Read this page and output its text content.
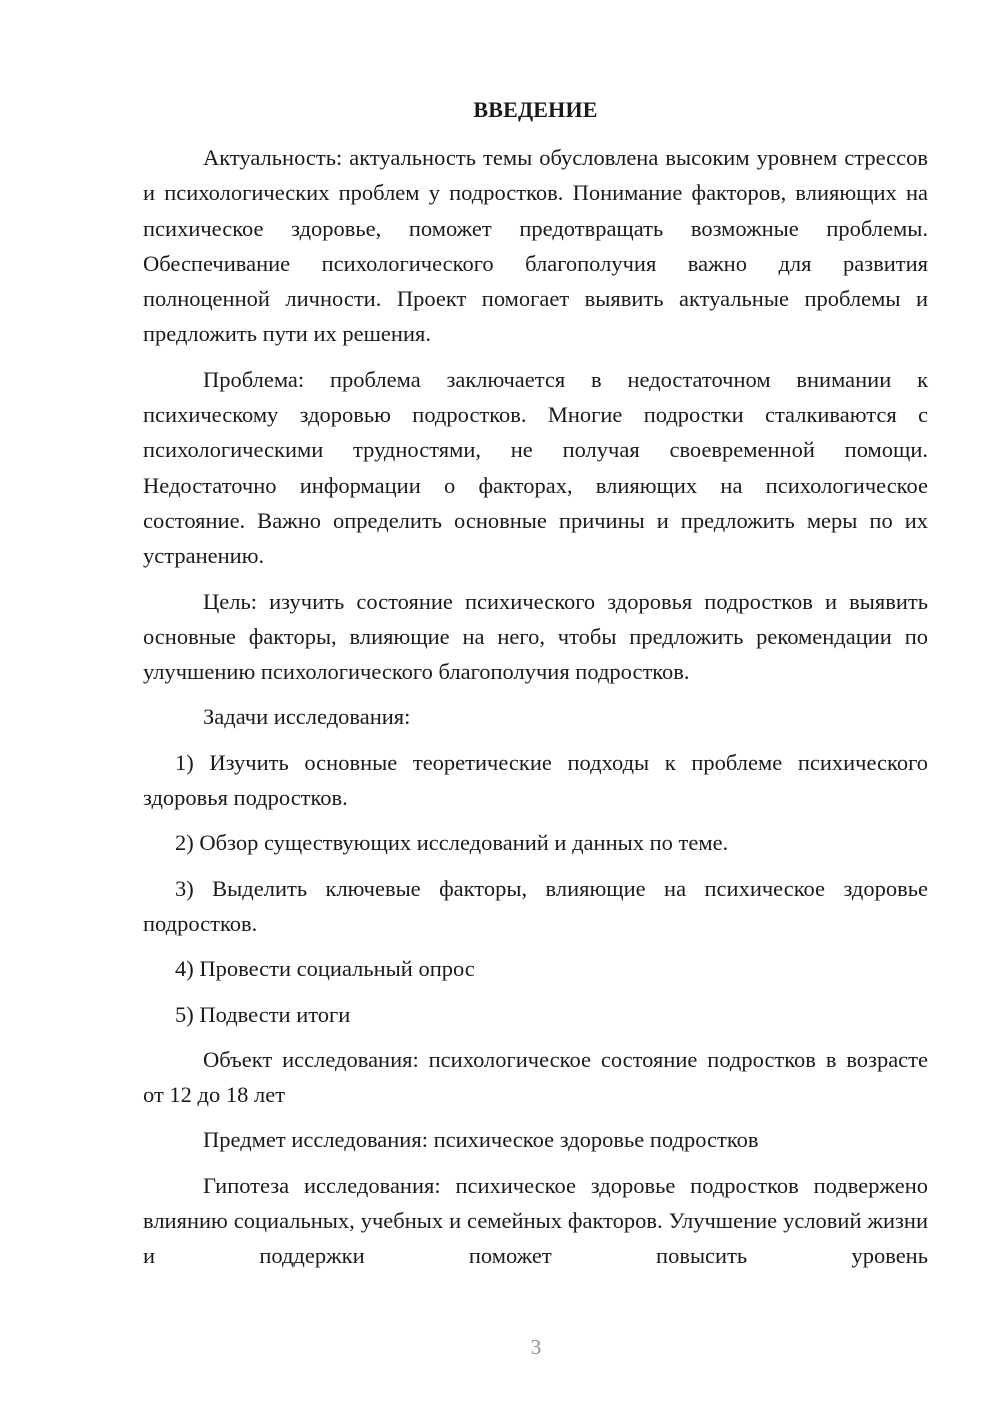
ВВЕДЕНИЕ

Актуальность: актуальность темы обусловлена высоким уровнем стрессов и психологических проблем у подростков. Понимание факторов, влияющих на психическое здоровье, поможет предотвращать возможные проблемы. Обеспечивание психологического благополучия важно для развития полноценной личности. Проект помогает выявить актуальные проблемы и предложить пути их решения.

Проблема: проблема заключается в недостаточном внимании к психическому здоровью подростков. Многие подростки сталкиваются с психологическими трудностями, не получая своевременной помощи. Недостаточно информации о факторах, влияющих на психологическое состояние. Важно определить основные причины и предложить меры по их устранению.

Цель: изучить состояние психического здоровья подростков и выявить основные факторы, влияющие на него, чтобы предложить рекомендации по улучшению психологического благополучия подростков.

Задачи исследования:

1) Изучить основные теоретические подходы к проблеме психического здоровья подростков.

2) Обзор существующих исследований и данных по теме.

3) Выделить ключевые факторы, влияющие на психическое здоровье подростков.

4) Провести социальный опрос

5) Подвести итоги

Объект исследования: психологическое состояние подростков в возрасте от 12 до 18 лет

Предмет исследования: психическое здоровье подростков

Гипотеза исследования: психическое здоровье подростков подвержено влиянию социальных, учебных и семейных факторов. Улучшение условий жизни и поддержки поможет повысить уровень

3
